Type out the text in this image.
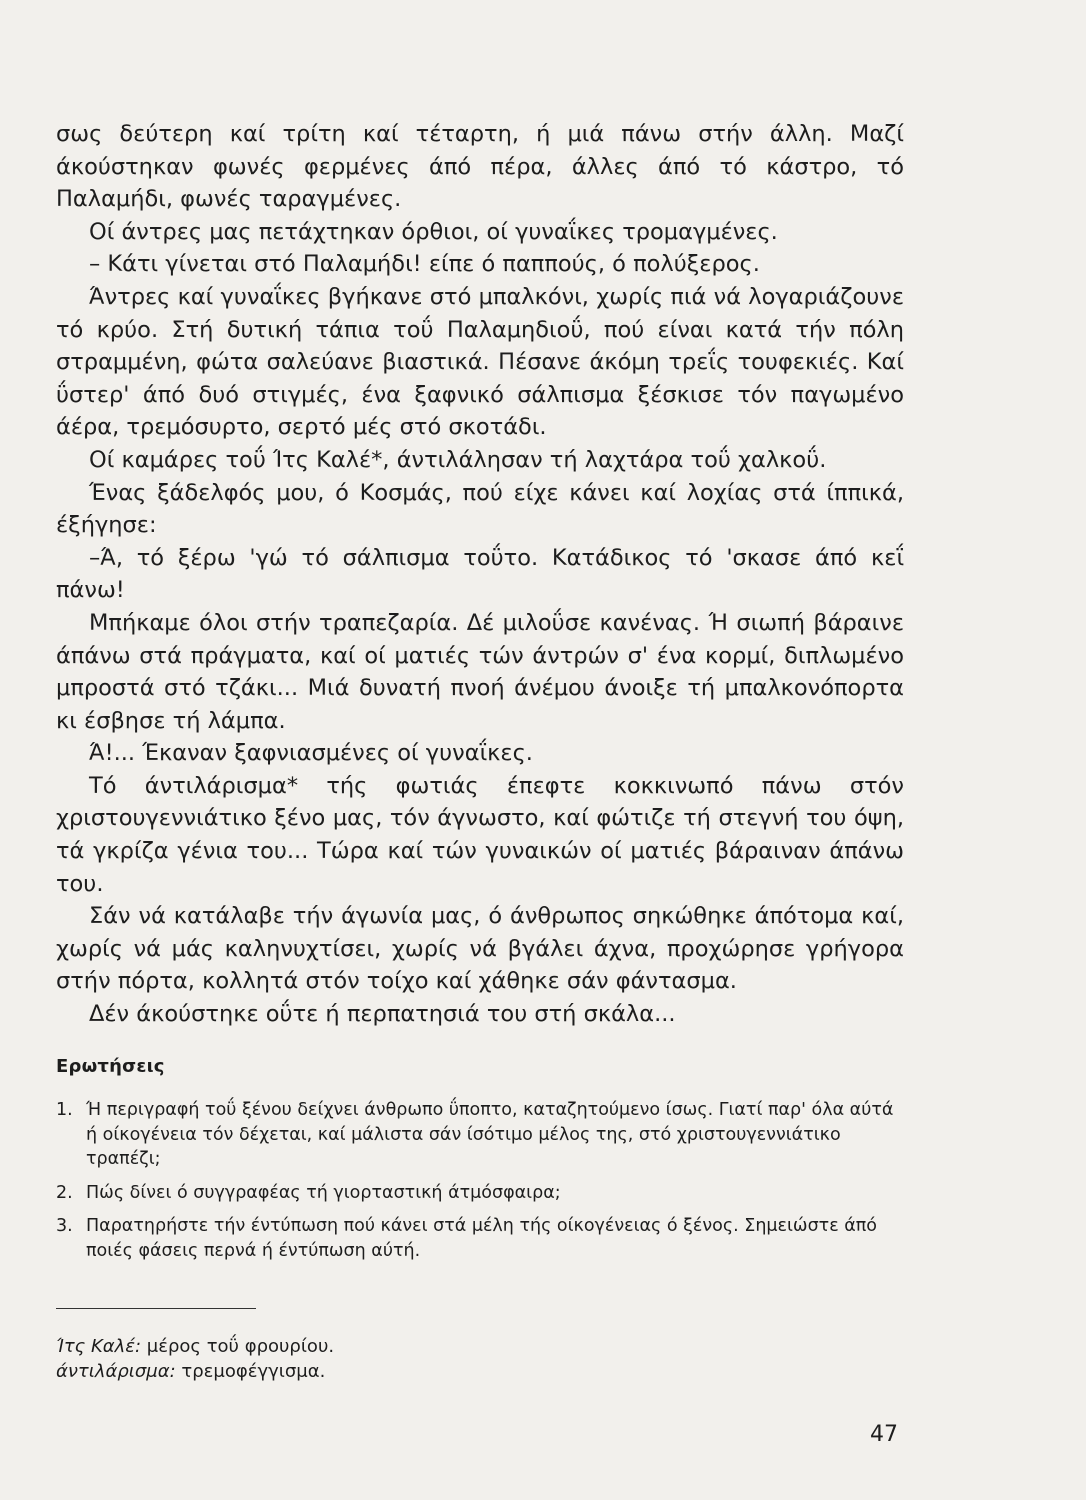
σως δεύτερη καί τρίτη καί τέταρτη, ή μιά πάνω στήν άλλη. Μαζί άκούστηκαν φωνές φερμένες άπό πέρα, άλλες άπό τό κάστρο, τό Παλαμήδι, φωνές ταραγμένες.

Οί άντρες μας πετάχτηκαν όρθιοι, οί γυναΐκες τρομαγμένες.

– Κάτι γίνεται στό Παλαμήδι! είπε ό παππούς, ό πολύξερος.

Άντρες καί γυναΐκες βγήκανε στό μπαλκόνι, χωρίς πιά νά λογαριάζουνε τό κρύο. Στή δυτική τάπια τοΰ Παλαμηδιοΰ, πού είναι κατά τήν πόλη στραμμένη, φώτα σαλεύανε βιαστικά. Πέσανε άκόμη τρεΐς τουφεκιές. Καί ΰστερ' άπό δυό στιγμές, ένα ξαφνικό σάλπισμα ξέσκισε τόν παγωμένο άέρα, τρεμόσυρτο, σερτό μές στό σκοτάδι.

Οί καμάρες τοΰ Ίτς Καλέ*, άντιλάλησαν τή λαχτάρα τοΰ χαλκοΰ.

Ένας ξάδελφός μου, ό Κοσμάς, πού είχε κάνει καί λοχίας στά ίππικά, έξήγησε:

–Ά, τό ξέρω 'γώ τό σάλπισμα τοΰτο. Κατάδικος τό 'σκασε άπό κεΐ πάνω!

Μπήκαμε όλοι στήν τραπεζαρία. Δέ μιλοΰσε κανένας. Ή σιωπή βάραινε άπάνω στά πράγματα, καί οί ματιές τών άντρών σ' ένα κορμί, διπλωμένο μπροστά στό τζάκι... Μιά δυνατή πνοή άνέμου άνοιξε τή μπαλκονόπορτα κι έσβησε τή λάμπα.

Ά!... Έκαναν ξαφνιασμένες οί γυναΐκες.

Τό άντιλάρισμα* τής φωτιάς έπεφτε κοκκινωπό πάνω στόν χριστουγεννιάτικο ξένο μας, τόν άγνωστο, καί φώτιζε τή στεγνή του όψη, τά γκρίζα γένια του... Τώρα καί τών γυναικών οί ματιές βάραιναν άπάνω του.

Σάν νά κατάλαβε τήν άγωνία μας, ό άνθρωπος σηκώθηκε άπότομα καί, χωρίς νά μάς καληνυχτίσει, χωρίς νά βγάλει άχνα, προχώρησε γρήγορα στήν πόρτα, κολλητά στόν τοίχο καί χάθηκε σάν φάντασμα.

Δέν άκούστηκε οΰτε ή περπατησιά του στή σκάλα...

Ερωτήσεις
1. Ή περιγραφή τοΰ ξένου δείχνει άνθρωπο ΰποπτο, καταζητούμενο ίσως. Γιατί παρ' όλα αύτά ή οίκογένεια τόν δέχεται, καί μάλιστα σάν ίσότιμο μέλος της, στό χριστουγεννιάτικο τραπέζι;
2. Πώς δίνει ό συγγραφέας τή γιορταστική άτμόσφαιρα;
3. Παρατηρήστε τήν έντύπωση πού κάνει στά μέλη τής οίκογένειας ό ξένος. Σημειώστε άπό ποιές φάσεις περνά ή έντύπωση αύτή.
Ίτς Καλέ: μέρος τοΰ φρουρίου.
άντιλάρισμα: τρεμοφέγγισμα.
47
